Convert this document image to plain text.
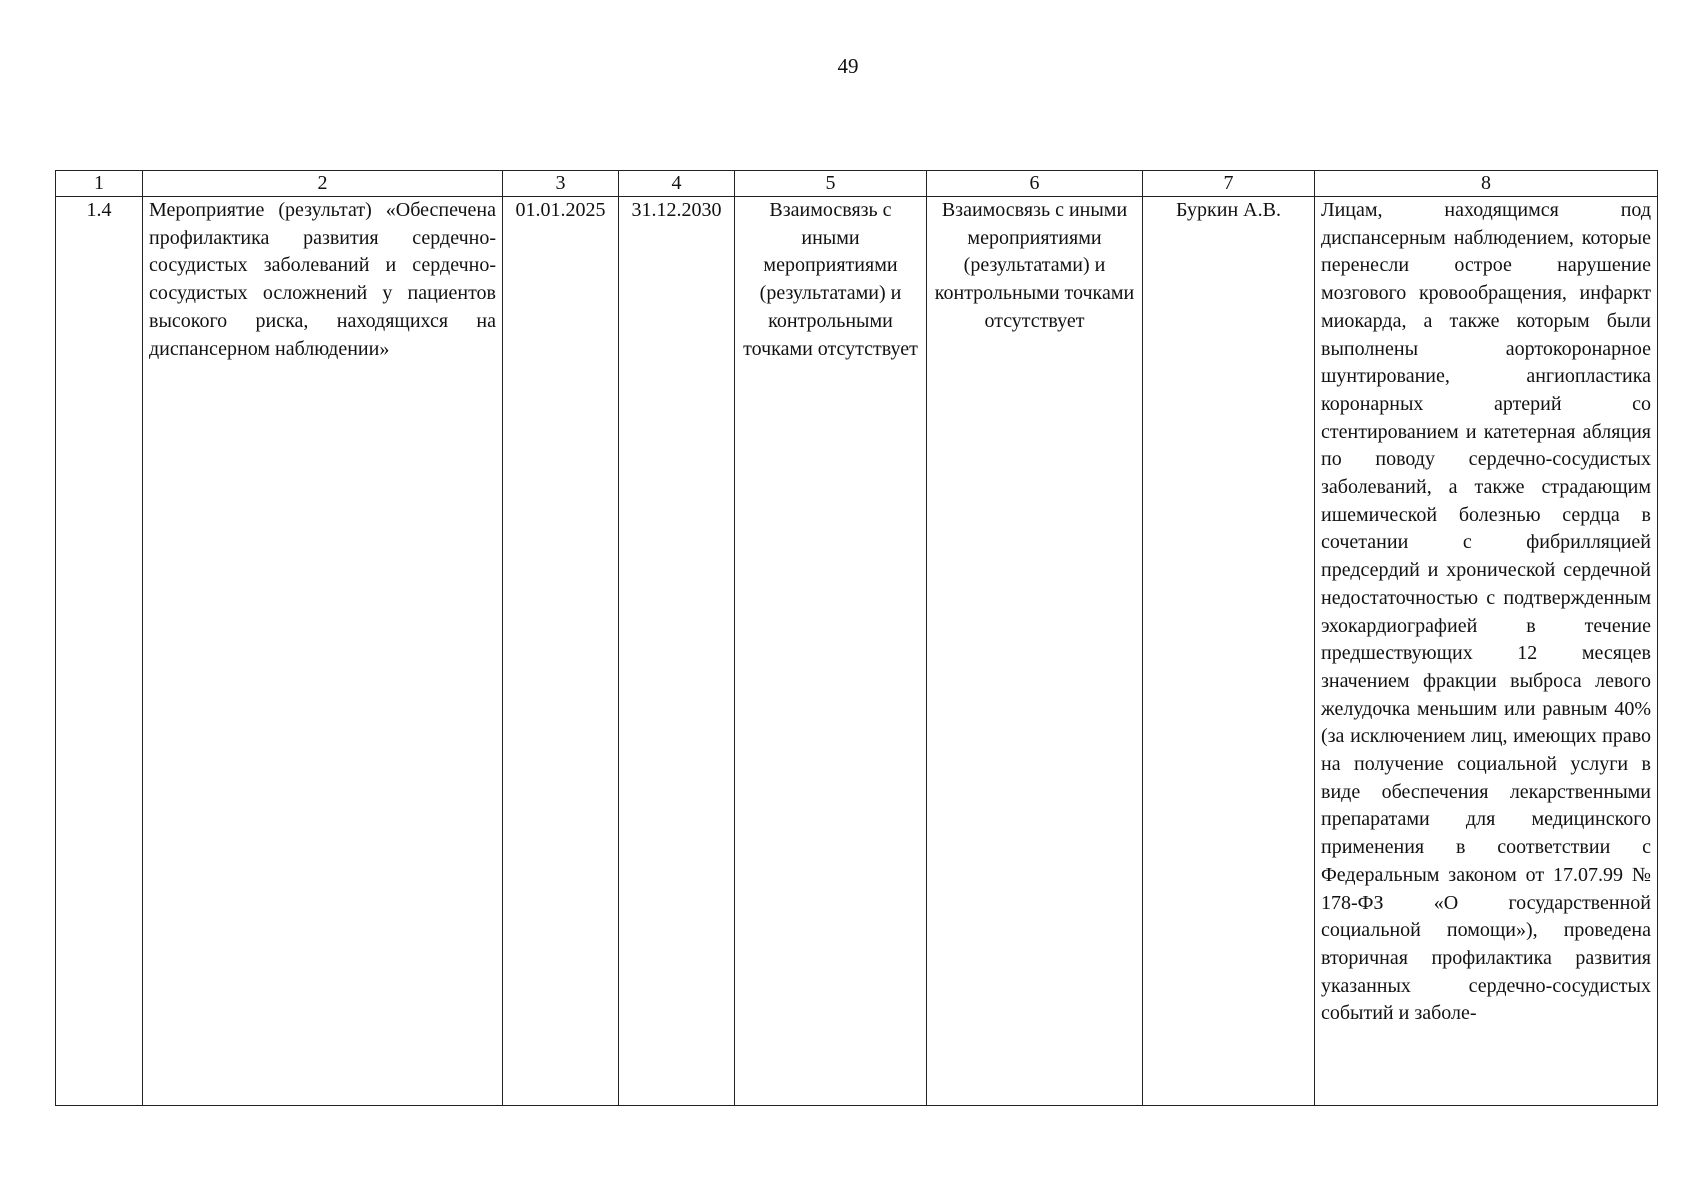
49
1	2	3	4	5	6	7	8
1.4	Мероприятие (результат) «Обеспечена профилактика развития сердечно-сосудистых заболеваний и сердечно-сосудистых осложнений у пациентов высокого риска, находящихся на диспансерном наблюдении»	01.01.2025	31.12.2030	Взаимосвязь с иными мероприятиями (результатами) и контрольными точками отсутствует	Взаимосвязь с иными мероприятиями (результатами) и контрольными точками отсутствует	Буркин А.В.	Лицам, находящимся под диспансерным наблюдением, которые перенесли острое нарушение мозгового кровообращения, инфаркт миокарда, а также которым были выполнены аортокоронарное шунтирование, ангиопластика коронарных артерий со стентированием и катетерная абляция по поводу сердечно-сосудистых заболеваний, а также страдающим ишемической болезнью сердца в сочетании с фибрилляцией предсердий и хронической сердечной недостаточностью с подтвержденным эхокардиографией в течение предшествующих 12 месяцев значением фракции выброса левого желудочка меньшим или равным 40% (за исключением лиц, имеющих право на получение социальной услуги в виде обеспечения лекарственными препаратами для медицинского применения в соответствии с Федеральным законом от 17.07.99 № 178-ФЗ «О государственной социальной помощи»), проведена вторичная профилактика развития указанных сердечно-сосудистых событий и заболе-
